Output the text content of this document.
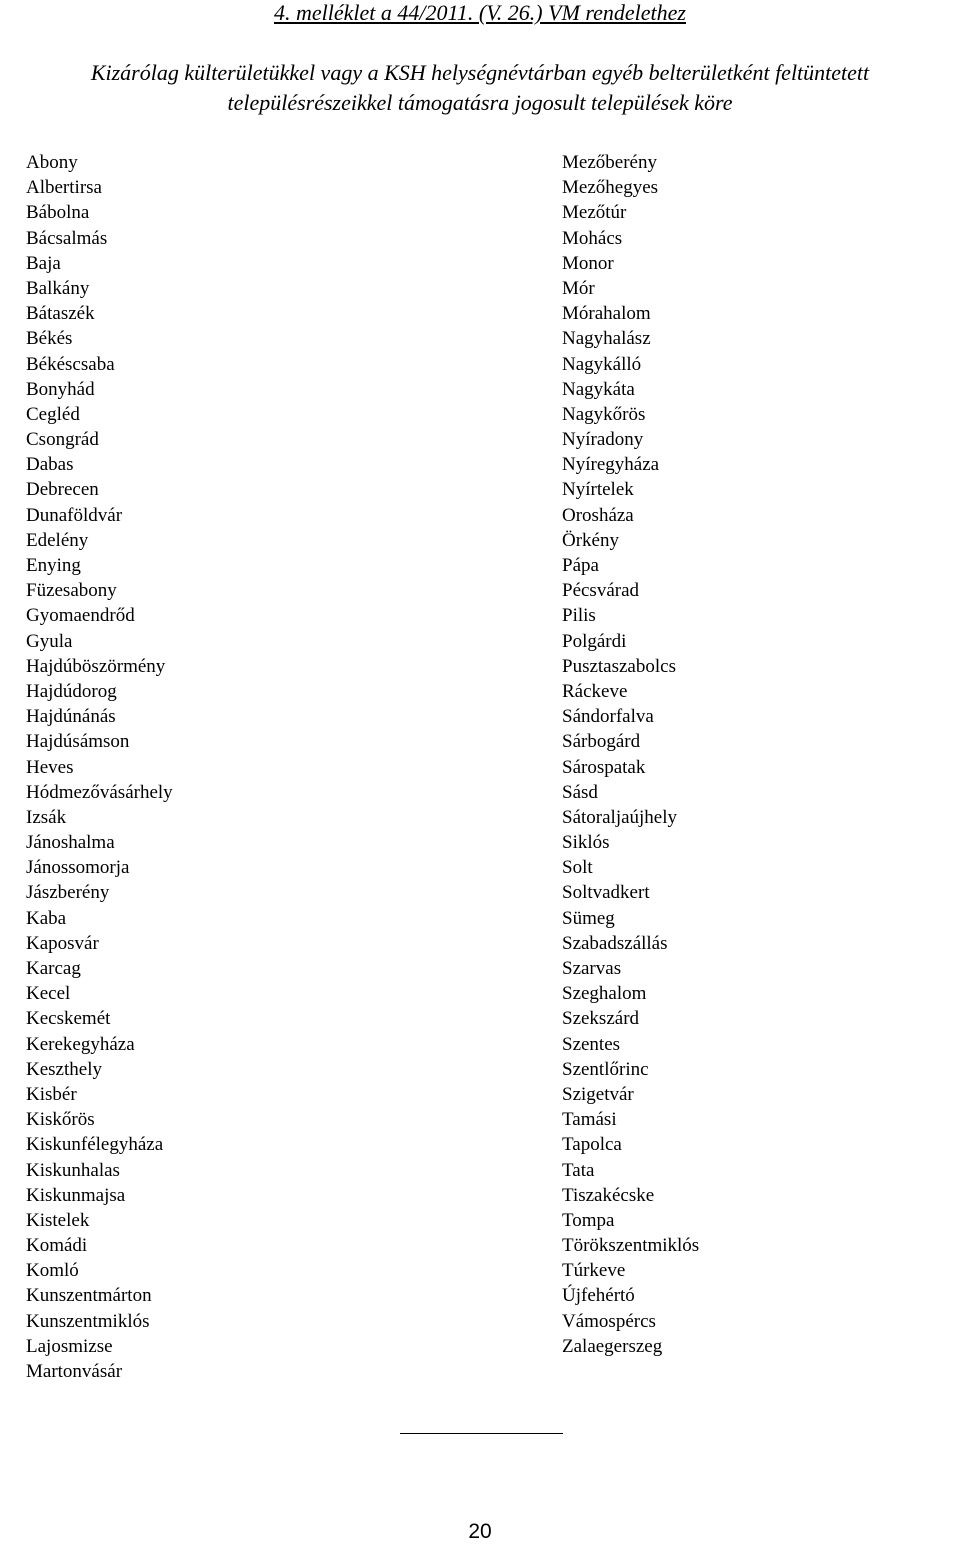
4. melléklet a 44/2011. (V. 26.) VM rendelethez
Kizárólag külterületükkel vagy a KSH helységnévtárban egyéb belterületként feltüntetett
településrészeikkel támogatásra jogosult települések köre
Abony
Albertirsa
Bábolna
Bácsalmás
Baja
Balkány
Bátaszék
Békés
Békéscsaba
Bonyhád
Cegléd
Csongrád
Dabas
Debrecen
Dunaföldvár
Edelény
Enying
Füzesabony
Gyomaendrőd
Gyula
Hajdúböszörmény
Hajdúdorog
Hajdúnánás
Hajdúsámson
Heves
Hódmezővásárhely
Izsák
Jánoshalma
Jánossomorja
Jászberény
Kaba
Kaposvár
Karcag
Kecel
Kecskemét
Kerekegyháza
Keszthely
Kisbér
Kiskőrös
Kiskunfélegyháza
Kiskunhalas
Kiskunmajsa
Kistelek
Komádi
Komló
Kunszentmárton
Kunszentmiklós
Lajosmizse
Martonvásár
Mezőberény
Mezőhegyes
Mezőtúr
Mohács
Monor
Mór
Mórahalom
Nagyhalász
Nagykálló
Nagykáta
Nagykőrös
Nyíradony
Nyíregyháza
Nyírtelek
Orosháza
Örkény
Pápa
Pécsvárad
Pilis
Polgárdi
Pusztaszabolcs
Ráckeve
Sándorfalva
Sárbogárd
Sárospatak
Sásd
Sátoraljaújhely
Siklós
Solt
Soltvadkert
Sümeg
Szabadszállás
Szarvas
Szeghalom
Szekszárd
Szentes
Szentlőrinc
Szigetvár
Tamási
Tapolca
Tata
Tiszakécske
Tompa
Törökszentmiklós
Túrkeve
Újfehértó
Vámospércs
Zalaegerszeg
20
